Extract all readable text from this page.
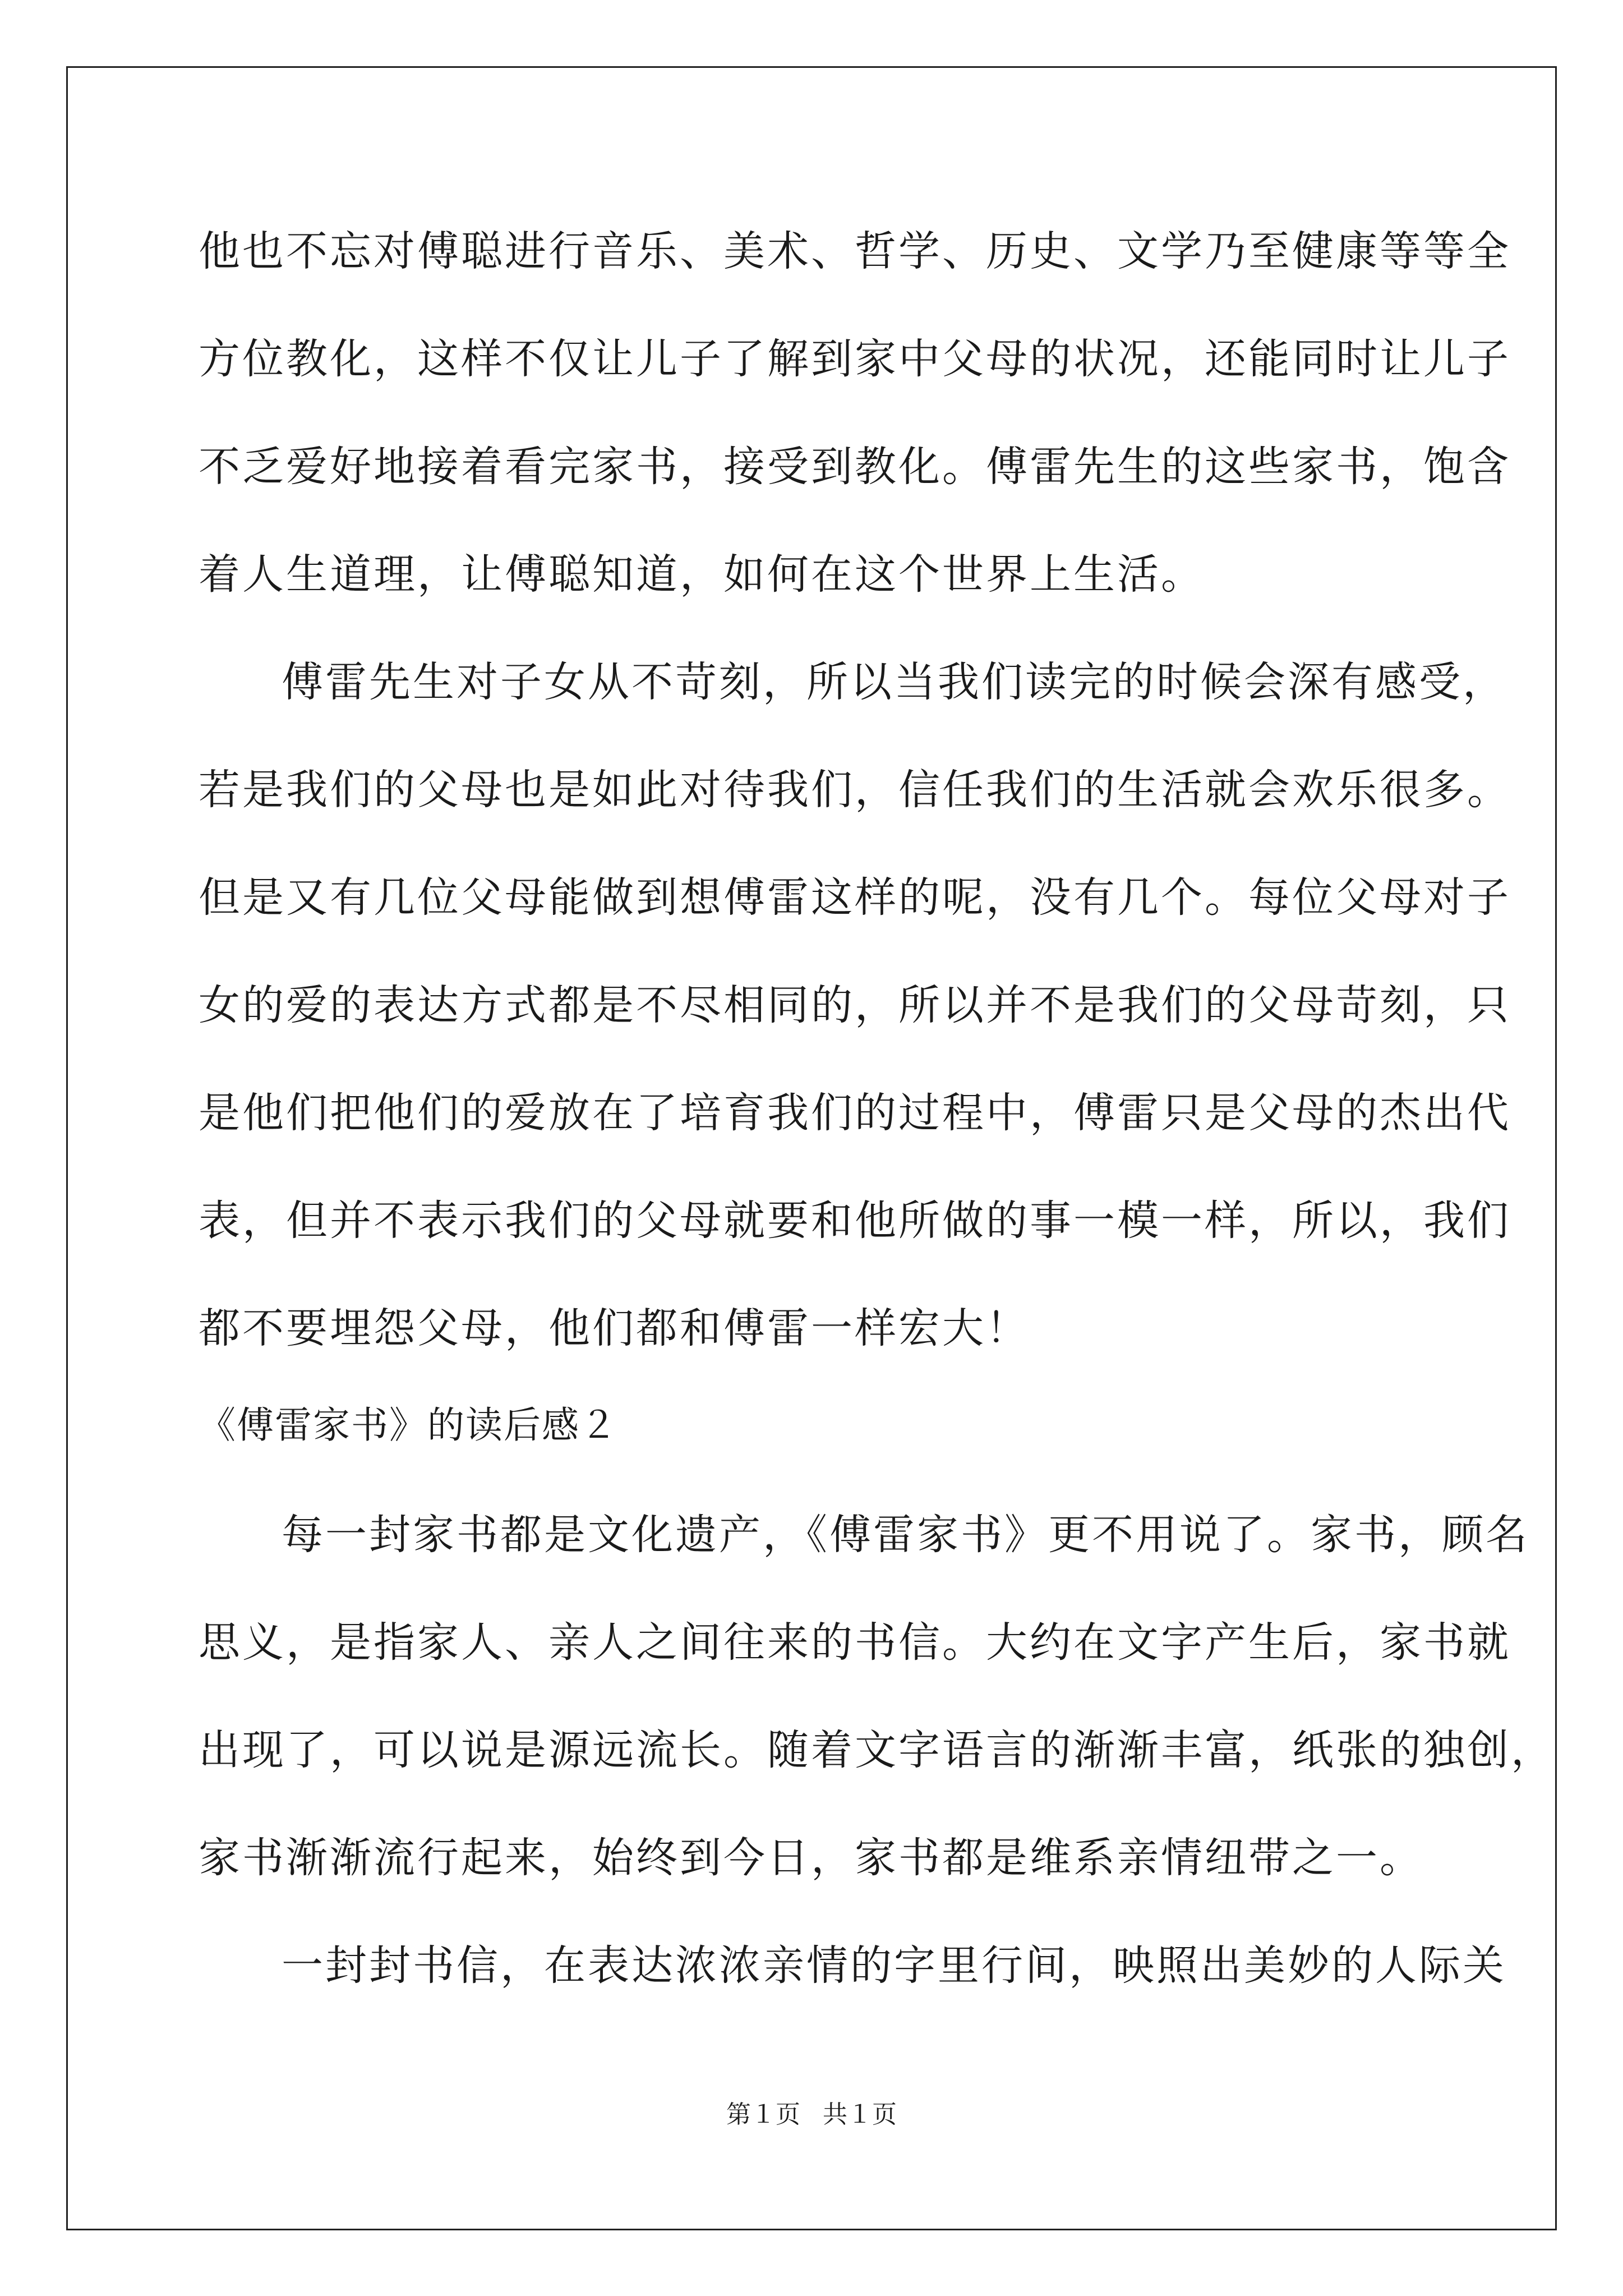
他也不忘对傅聪进行音乐、美术、哲学、历史、文学乃至健康等等全
方位教化，这样不仅让儿子了解到家中父母的状况，还能同时让儿子
不乏爱好地接着看完家书，接受到教化。傅雷先生的这些家书，饱含
着人生道理，让傅聪知道，如何在这个世界上生活。
傅雷先生对子女从不苛刻，所以当我们读完的时候会深有感受，
若是我们的父母也是如此对待我们，信任我们的生活就会欢乐很多。
但是又有几位父母能做到想傅雷这样的呢，没有几个。每位父母对子
女的爱的表达方式都是不尽相同的，所以并不是我们的父母苛刻，只
是他们把他们的爱放在了培育我们的过程中，傅雷只是父母的杰出代
表，但并不表示我们的父母就要和他所做的事一模一样，所以，我们
都不要埋怨父母，他们都和傅雷一样宏大！
《傅雷家书》的读后感２
每一封家书都是文化遗产，《傅雷家书》更不用说了。家书，顾名
思义，是指家人、亲人之间往来的书信。大约在文字产生后，家书就
出现了，可以说是源远流长。随着文字语言的渐渐丰富，纸张的独创，
家书渐渐流行起来，始终到今日，家书都是维系亲情纽带之一。
一封封书信，在表达浓浓亲情的字里行间，映照出美妙的人际关
第１页 共１页
